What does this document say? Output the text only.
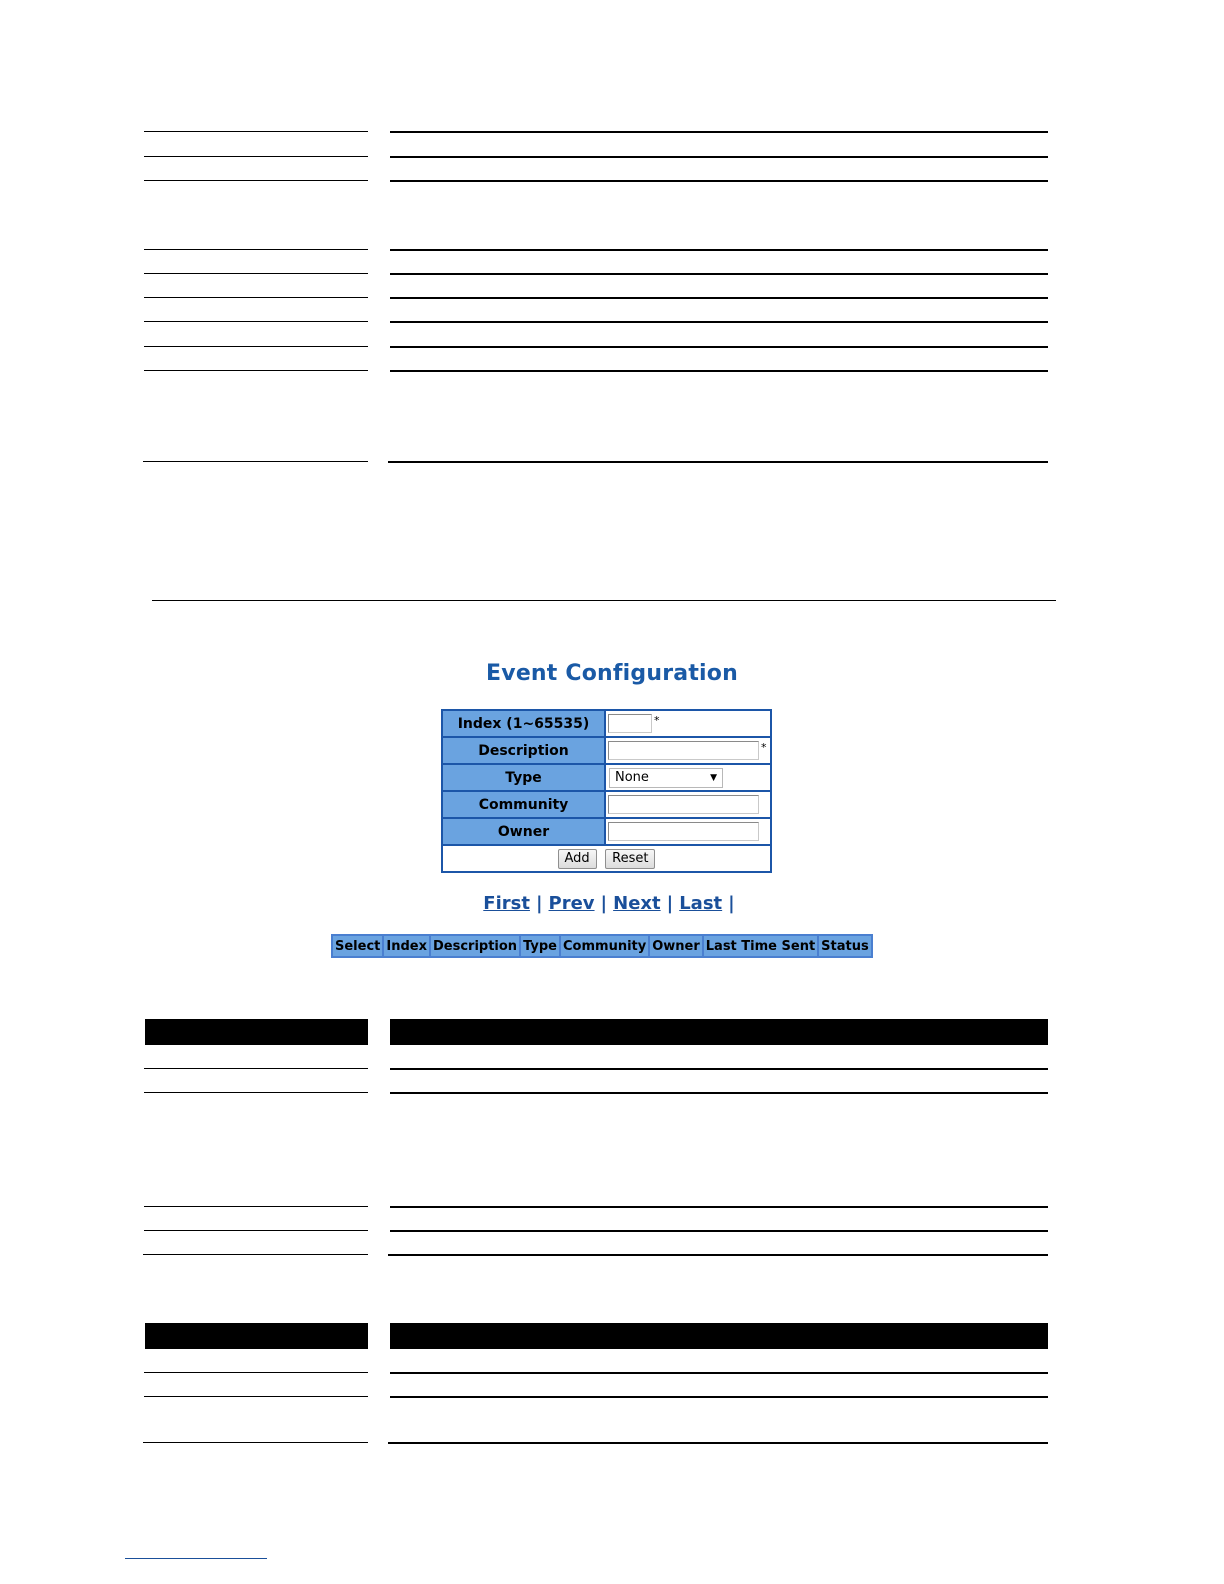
Event Configuration
Index (1~65535)	*
Description	*
Type	None ▼

Community	
Owner	
Add Reset	
First | Prev | Next | Last |
Select	Index	Description	Type	Community	Owner	Last Time Sent	Status
